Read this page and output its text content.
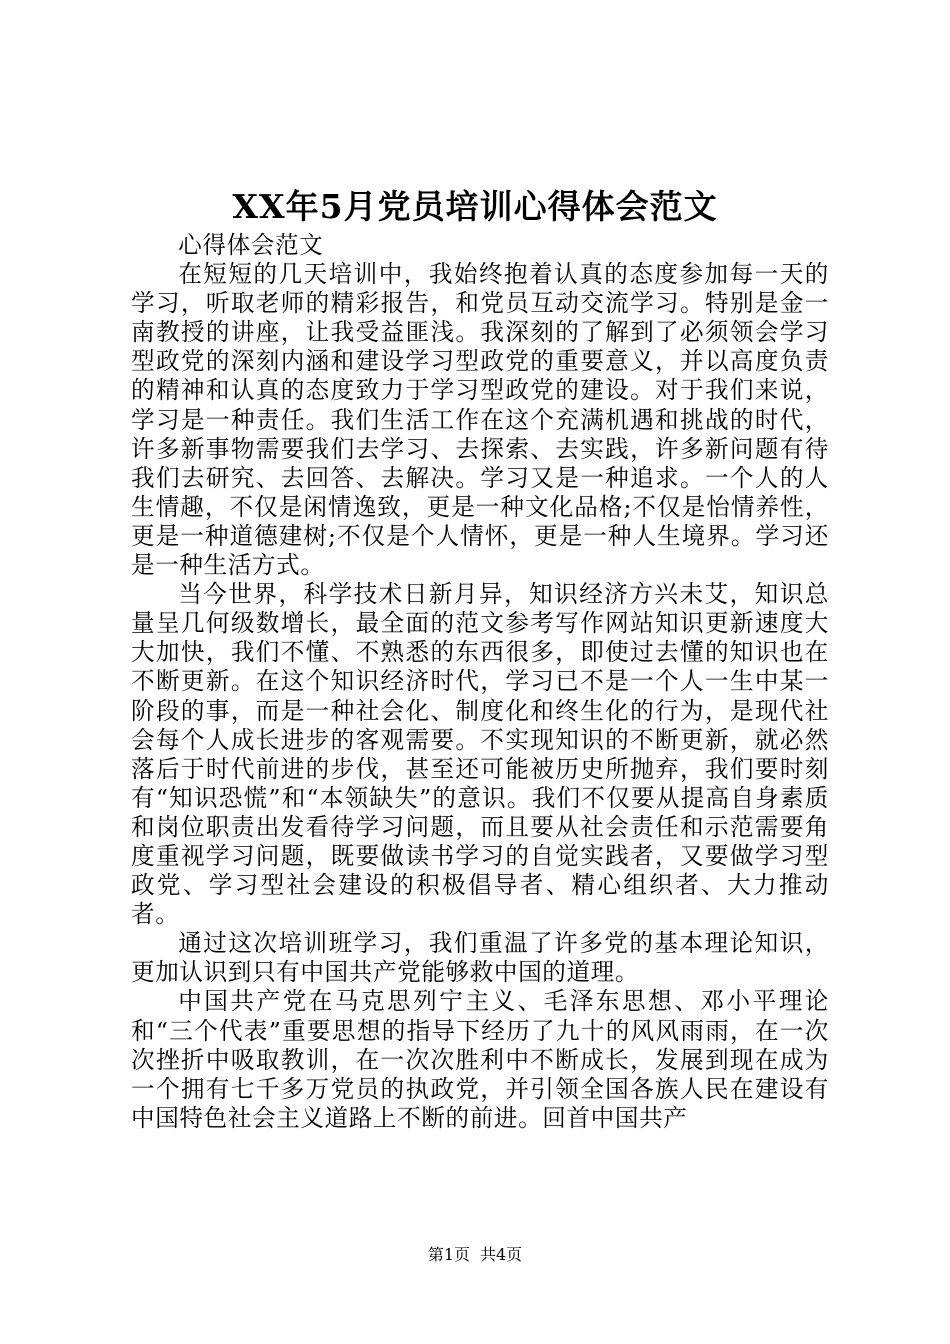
XX年5月党员培训心得体会范文

心得体会范文

在短短的几天培训中，我始终抱着认真的态度参加每一天的学习，听取老师的精彩报告，和党员互动交流学习。特别是金一南教授的讲座，让我受益匪浅。我深刻的了解到了必须领会学习型政党的深刻内涵和建设学习型政党的重要意义，并以高度负责的精神和认真的态度致力于学习型政党的建设。对于我们来说，学习是一种责任。我们生活工作在这个充满机遇和挑战的时代，许多新事物需要我们去学习、去探索、去实践，许多新问题有待我们去研究、去回答、去解决。学习又是一种追求。一个人的人生情趣，不仅是闲情逸致，更是一种文化品格;不仅是怡情养性，更是一种道德建树;不仅是个人情怀，更是一种人生境界。学习还是一种生活方式。

当今世界，科学技术日新月异，知识经济方兴未艾，知识总量呈几何级数增长，最全面的范文参考写作网站知识更新速度大大加快，我们不懂、不熟悉的东西很多，即使过去懂的知识也在不断更新。在这个知识经济时代，学习已不是一个人一生中某一阶段的事，而是一种社会化、制度化和终生化的行为，是现代社会每个人成长进步的客观需要。不实现知识的不断更新，就必然落后于时代前进的步伐，甚至还可能被历史所抛弃，我们要时刻有“知识恐慌”和“本领缺失”的意识。我们不仅要从提高自身素质和岗位职责出发看待学习问题，而且要从社会责任和示范需要角度重视学习问题，既要做读书学习的自觉实践者，又要做学习型政党、学习型社会建设的积极倡导者、精心组织者、大力推动者。

通过这次培训班学习，我们重温了许多党的基本理论知识，更加认识到只有中国共产党能够救中国的道理。

中国共产党在马克思列宁主义、毛泽东思想、邓小平理论和“三个代表”重要思想的指导下经历了九十的风风雨雨，在一次次挫折中吸取教训，在一次次胜利中不断成长，发展到现在成为一个拥有七千多万党员的执政党，并引领全国各族人民在建设有中国特色社会主义道路上不断的前进。回首中国共产

第1页 共4页
